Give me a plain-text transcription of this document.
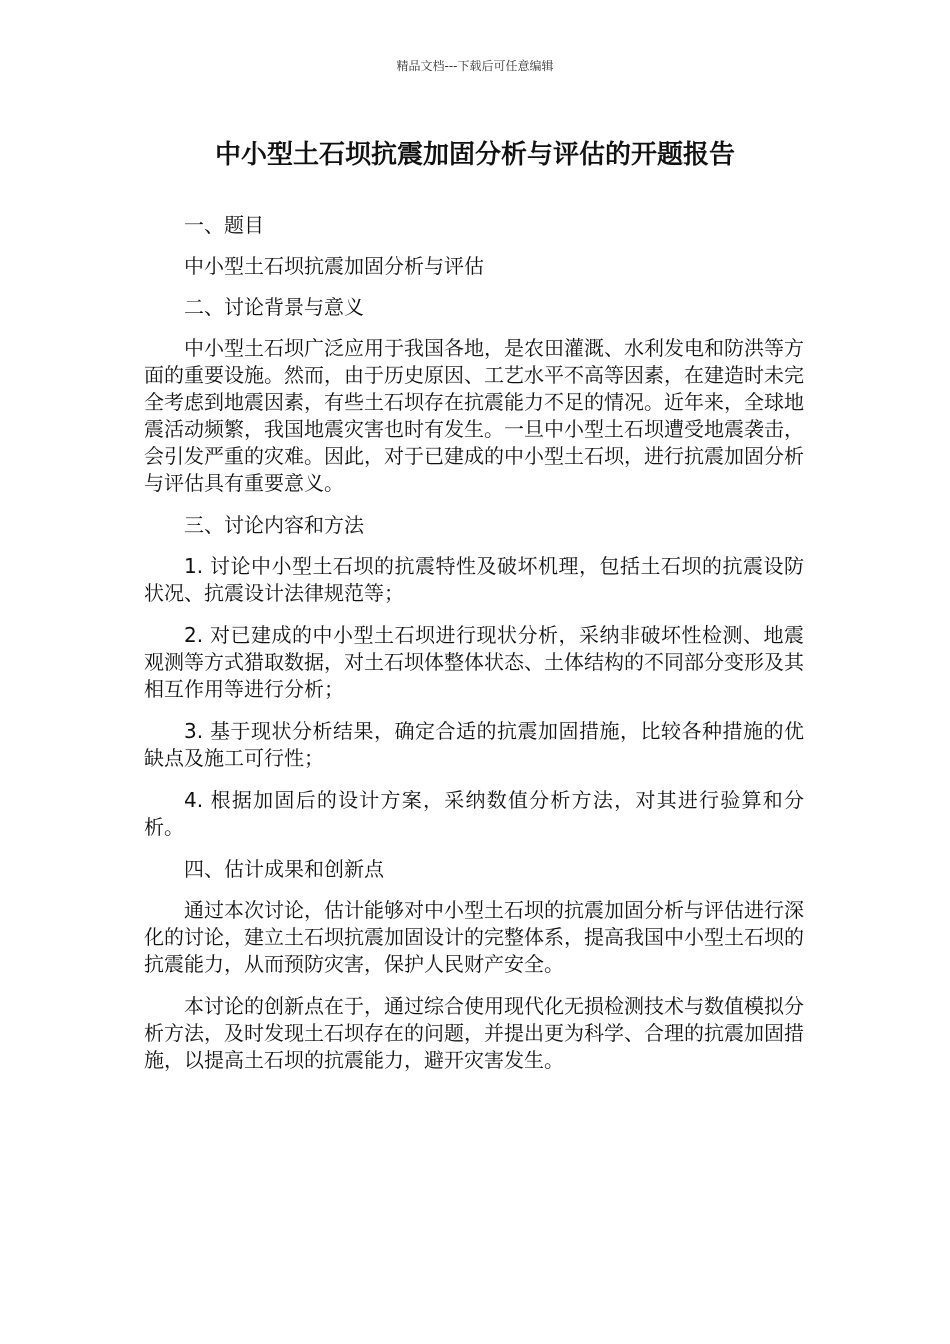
精品文档---下载后可任意编辑
中小型土石坝抗震加固分析与评估的开题报告

一、题目

中小型土石坝抗震加固分析与评估

二、讨论背景与意义

中小型土石坝广泛应用于我国各地，是农田灌溉、水利发电和防洪等方面的重要设施。然而，由于历史原因、工艺水平不高等因素，在建造时未完全考虑到地震因素，有些土石坝存在抗震能力不足的情况。近年来，全球地震活动频繁，我国地震灾害也时有发生。一旦中小型土石坝遭受地震袭击，会引发严重的灾难。因此，对于已建成的中小型土石坝，进行抗震加固分析与评估具有重要意义。

三、讨论内容和方法

1. 讨论中小型土石坝的抗震特性及破坏机理，包括土石坝的抗震设防状况、抗震设计法律规范等；

2. 对已建成的中小型土石坝进行现状分析，采纳非破坏性检测、地震观测等方式猎取数据，对土石坝体整体状态、土体结构的不同部分变形及其相互作用等进行分析；

3. 基于现状分析结果，确定合适的抗震加固措施，比较各种措施的优缺点及施工可行性；

4. 根据加固后的设计方案，采纳数值分析方法，对其进行验算和分析。

四、估计成果和创新点

通过本次讨论，估计能够对中小型土石坝的抗震加固分析与评估进行深化的讨论，建立土石坝抗震加固设计的完整体系，提高我国中小型土石坝的抗震能力，从而预防灾害，保护人民财产安全。

本讨论的创新点在于，通过综合使用现代化无损检测技术与数值模拟分析方法，及时发现土石坝存在的问题，并提出更为科学、合理的抗震加固措施，以提高土石坝的抗震能力，避开灾害发生。
